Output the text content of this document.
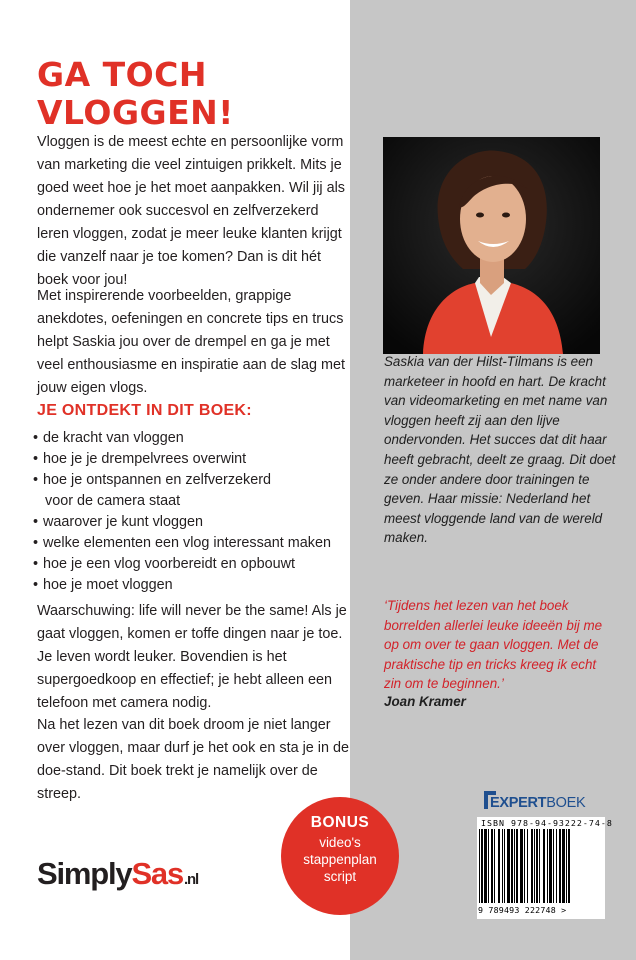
GA TOCH
VLOGGEN!

Vloggen is de meest echte en persoonlijke vorm van marketing die veel zintuigen prikkelt. Mits je goed weet hoe je het moet aanpakken. Wil jij als ondernemer ook succesvol en zelfverzekerd leren vloggen, zodat je meer leuke klanten krijgt die vanzelf naar je toe komen? Dan is dit hét boek voor jou!

Met inspirerende voorbeelden, grappige anekdotes, oefeningen en concrete tips en trucs helpt Saskia jou over de drempel en ga je met veel enthousiasme en inspiratie aan de slag met jouw eigen vlogs.

JE ONTDEKT IN DIT BOEK:
• de kracht van vloggen
• hoe je je drempelvrees overwint
• hoe je ontspannen en zelfverzekerd
voor de camera staat
• waarover je kunt vloggen
• welke elementen een vlog interessant maken
• hoe je een vlog voorbereidt en opbouwt
• hoe je moet vloggen

Waarschuwing: life will never be the same! Als je gaat vloggen, komen er toffe dingen naar je toe. Je leven wordt leuker. Bovendien is het supergoedkoop en effectief; je hebt alleen een telefoon met camera nodig.

Na het lezen van dit boek droom je niet langer over vloggen, maar durf je het ook en sta je in de doe-stand. Dit boek trekt je namelijk over de streep.

SimplySas.nl
BONUS
video's
stappenplan
script

Saskia van der Hilst-Tilmans is een marketeer in hoofd en hart. De kracht van videomarketing en met name van vloggen heeft zij aan den lijve ondervonden. Het succes dat dit haar heeft gebracht, deelt ze graag. Dit doet ze onder andere door trainingen te geven. Haar missie: Nederland het meest vloggende land van de wereld maken.

‘Tijdens het lezen van het boek borrelden allerlei leuke ideeën bij me op om over te gaan vloggen. Met de praktische tip en tricks kreeg ik echt zin om te beginnen.’

Joan Kramer

EXPERTBOEK
ISBN 978-94-93222-74-8
9 789493 222748 >
